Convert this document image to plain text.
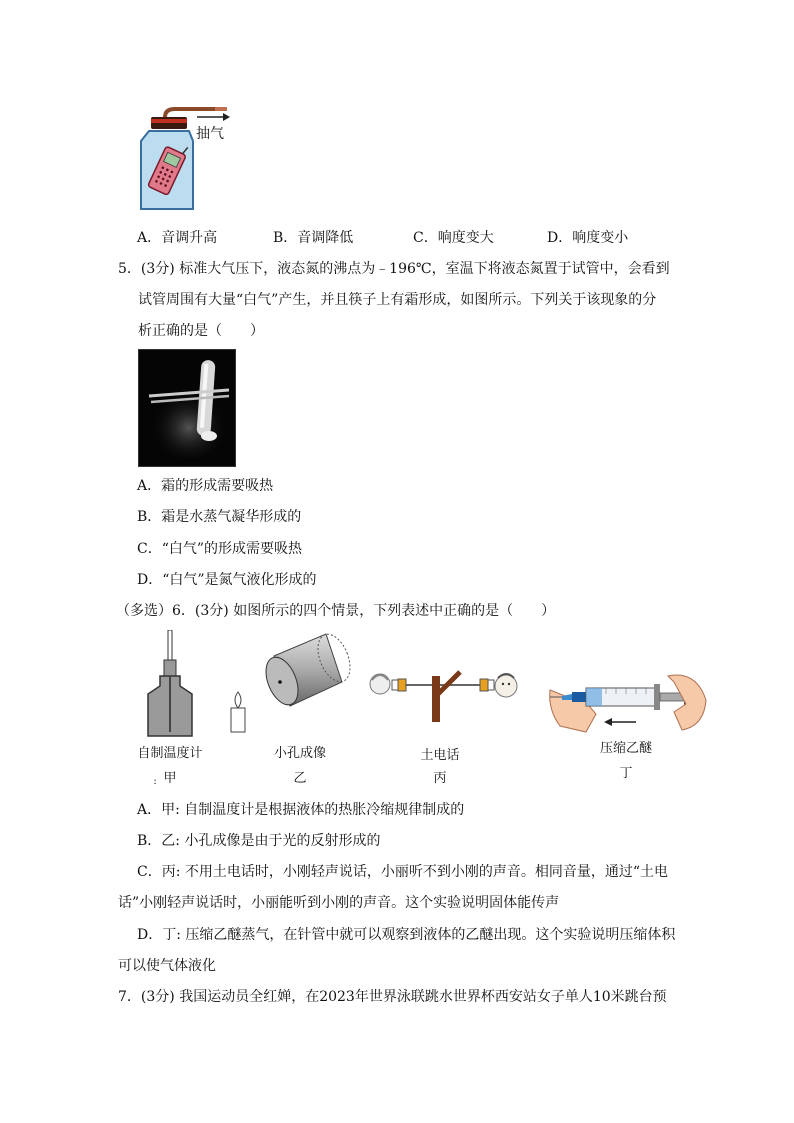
抽气
A．音调升高	B．音调降低	C．响度变大	D．响度变小
5．(3分) 标准大气压下，液态氮的沸点为﹣196℃，室温下将液态氮置于试管中，会看到
试管周围有大量“白气”产生，并且筷子上有霜形成，如图所示。下列关于该现象的分
析正确的是（　　）
A．霜的形成需要吸热
B．霜是水蒸气凝华形成的
C．“白气”的形成需要吸热
D．“白气”是氮气液化形成的
（多选）6．(3分) 如图所示的四个情景，下列表述中正确的是（　　）
自制温度计	小孔成像	土电话	压缩乙醚
甲	乙	丙	丁
:
A．甲: 自制温度计是根据液体的热胀冷缩规律制成的
B．乙: 小孔成像是由于光的反射形成的
C．丙: 不用土电话时，小刚轻声说话，小丽听不到小刚的声音。相同音量，通过“土电
话”小刚轻声说话时，小丽能听到小刚的声音。这个实验说明固体能传声
D．丁: 压缩乙醚蒸气，在针管中就可以观察到液体的乙醚出现。这个实验说明压缩体积
可以使气体液化
7．(3分) 我国运动员全红婵，在2023年世界泳联跳水世界杯西安站女子单人10米跳台预
